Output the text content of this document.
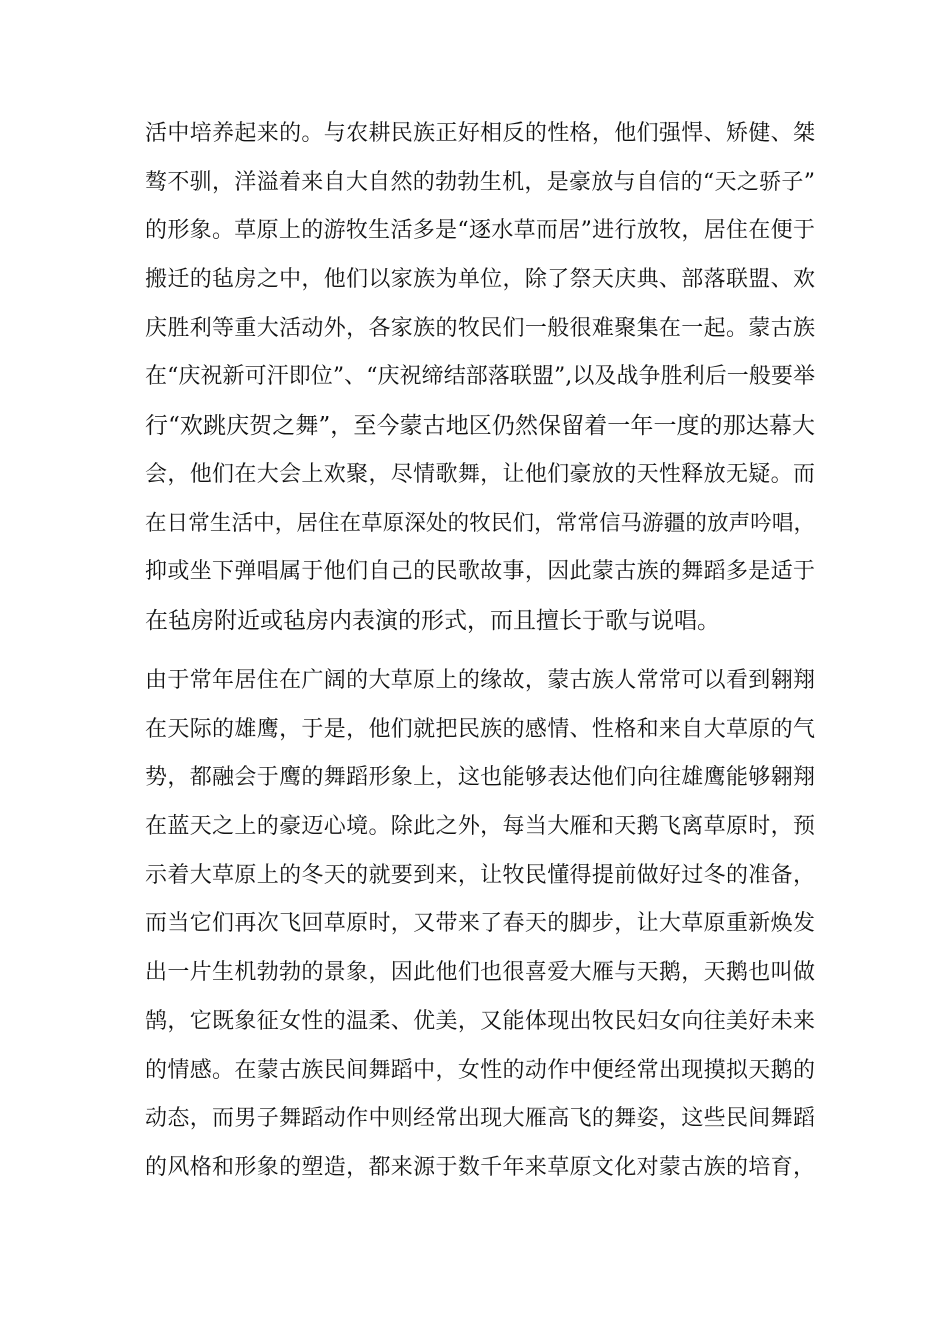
活中培养起来的。与农耕民族正好相反的性格，他们强悍、矫健、桀
骜不驯，洋溢着来自大自然的勃勃生机，是豪放与自信的“天之骄子”
的形象。草原上的游牧生活多是“逐水草而居”进行放牧，居住在便于
搬迁的毡房之中，他们以家族为单位，除了祭天庆典、部落联盟、欢
庆胜利等重大活动外，各家族的牧民们一般很难聚集在一起。蒙古族
在“庆祝新可汗即位”、“庆祝缔结部落联盟”,以及战争胜利后一般要举
行“欢跳庆贺之舞”，至今蒙古地区仍然保留着一年一度的那达幕大
会，他们在大会上欢聚，尽情歌舞，让他们豪放的天性释放无疑。而
在日常生活中，居住在草原深处的牧民们，常常信马游疆的放声吟唱，
抑或坐下弹唱属于他们自己的民歌故事，因此蒙古族的舞蹈多是适于
在毡房附近或毡房内表演的形式，而且擅长于歌与说唱。
由于常年居住在广阔的大草原上的缘故，蒙古族人常常可以看到翱翔
在天际的雄鹰，于是，他们就把民族的感情、性格和来自大草原的气
势，都融会于鹰的舞蹈形象上，这也能够表达他们向往雄鹰能够翱翔
在蓝天之上的豪迈心境。除此之外，每当大雁和天鹅飞离草原时，预
示着大草原上的冬天的就要到来，让牧民懂得提前做好过冬的准备，
而当它们再次飞回草原时，又带来了春天的脚步，让大草原重新焕发
出一片生机勃勃的景象，因此他们也很喜爱大雁与天鹅，天鹅也叫做
鹄，它既象征女性的温柔、优美，又能体现出牧民妇女向往美好未来
的情感。在蒙古族民间舞蹈中，女性的动作中便经常出现摸拟天鹅的
动态，而男子舞蹈动作中则经常出现大雁高飞的舞姿，这些民间舞蹈
的风格和形象的塑造，都来源于数千年来草原文化对蒙古族的培育，
